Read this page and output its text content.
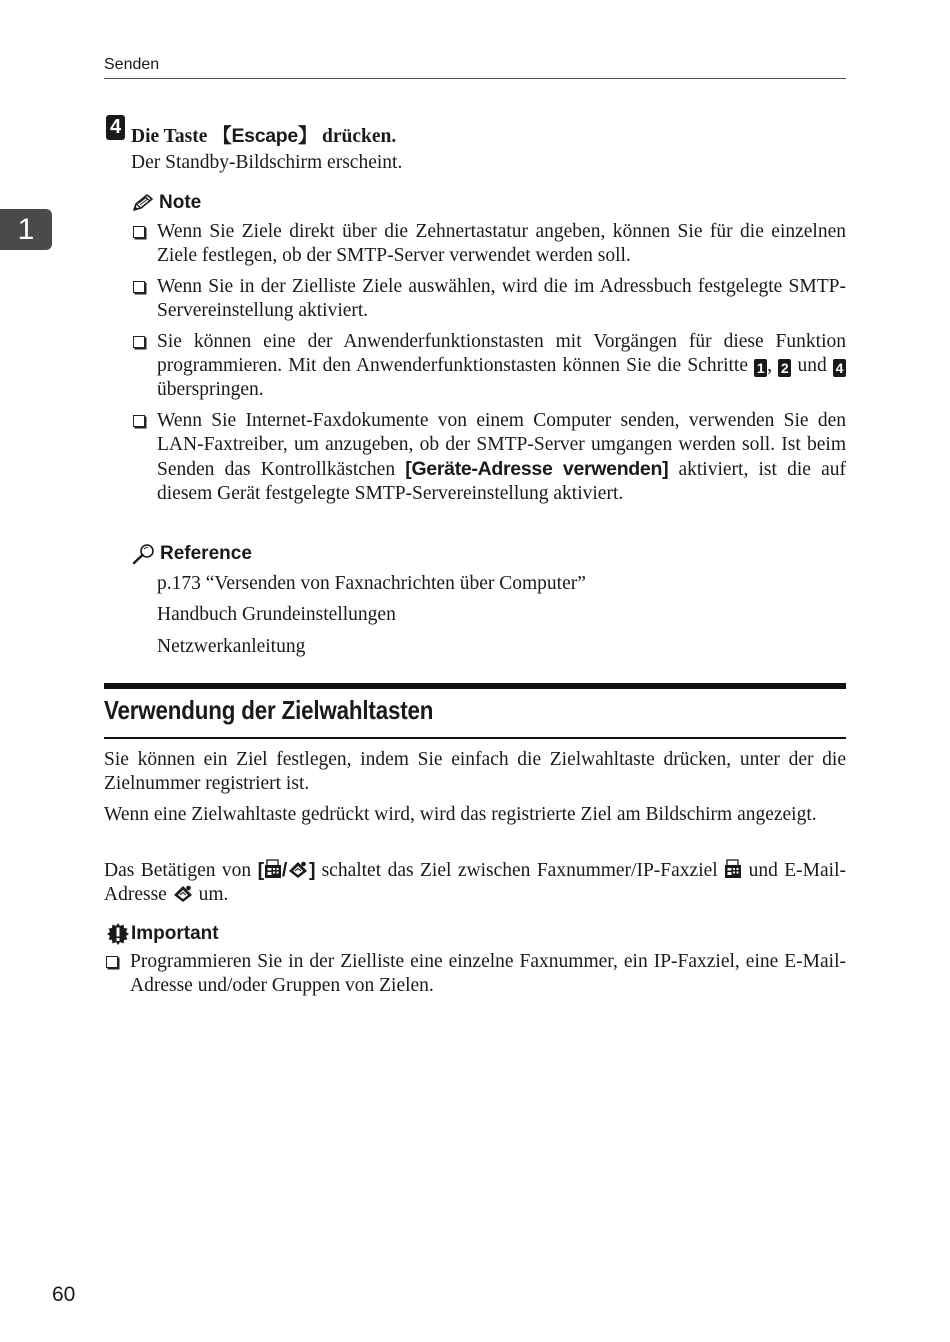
Senden
1
4 Die Taste 【Escape】 drücken.
Der Standby-Bildschirm erscheint.
Note
Wenn Sie Ziele direkt über die Zehnertastatur angeben, können Sie für die einzelnen Ziele festlegen, ob der SMTP-Server verwendet werden soll.
Wenn Sie in der Zielliste Ziele auswählen, wird die im Adressbuch festgelegte SMTP-Servereinstellung aktiviert.
Sie können eine der Anwenderfunktionstasten mit Vorgängen für diese Funktion programmieren. Mit den Anwenderfunktionstasten können Sie die Schritte 1 , 2 und 4 überspringen.
Wenn Sie Internet-Faxdokumente von einem Computer senden, verwenden Sie den LAN-Faxtreiber, um anzugeben, ob der SMTP-Server umgangen werden soll. Ist beim Senden das Kontrollkästchen [Geräte-Adresse verwenden] aktiviert, ist die auf diesem Gerät festgelegte SMTP-Servereinstellung aktiviert.
Reference
p.173 “Versenden von Faxnachrichten über Computer”
Handbuch Grundeinstellungen
Netzwerkanleitung
Verwendung der Zielwahltasten
Sie können ein Ziel festlegen, indem Sie einfach die Zielwahltaste drücken, unter der die Zielnummer registriert ist.
Wenn eine Zielwahltaste gedrückt wird, wird das registrierte Ziel am Bildschirm angezeigt.
Das Betätigen von [ / ] schaltet das Ziel zwischen Faxnummer/IP-Faxziel  und E-Mail-Adresse  um.
Important
Programmieren Sie in der Zielliste eine einzelne Faxnummer, ein IP-Faxziel, eine E-Mail-Adresse und/oder Gruppen von Zielen.
60
